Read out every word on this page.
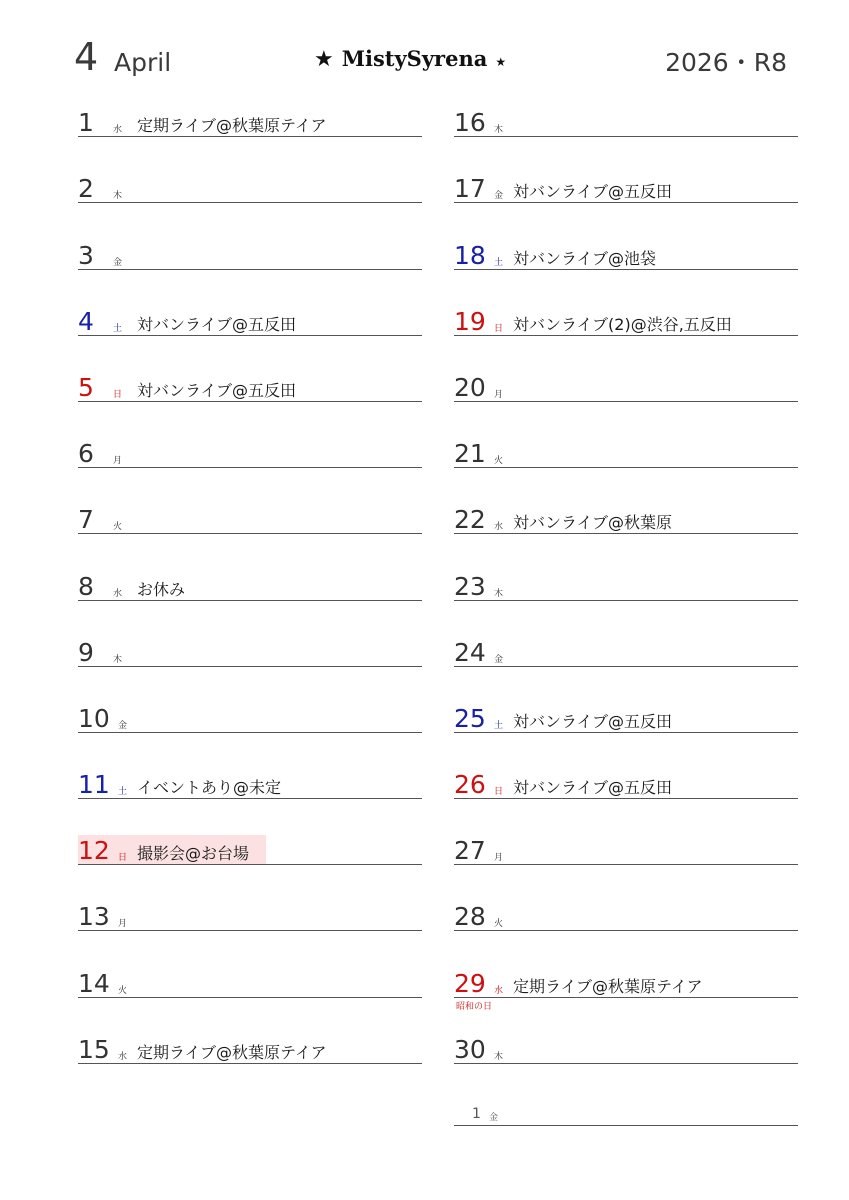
4 April	★ MistySyrena ★	2026・R8
1 水 定期ライブ@秋葉原テイア
2 木
3 金
4 土 対バンライブ@五反田
5 日 対バンライブ@五反田
6 月
7 火
8 水 お休み
9 木
10 金
11 土 イベントあり@未定
12 日 撮影会@お台場
13 月
14 火
15 水 定期ライブ@秋葉原テイア
16 木
17 金 対バンライブ@五反田
18 土 対バンライブ@池袋
19 日 対バンライブ(2)@渋谷,五反田
20 月
21 火
22 水 対バンライブ@秋葉原
23 木
24 金
25 土 対バンライブ@五反田
26 日 対バンライブ@五反田
27 月
28 火
29 水 定期ライブ@秋葉原テイア
昭和の日
30 木
1 金
